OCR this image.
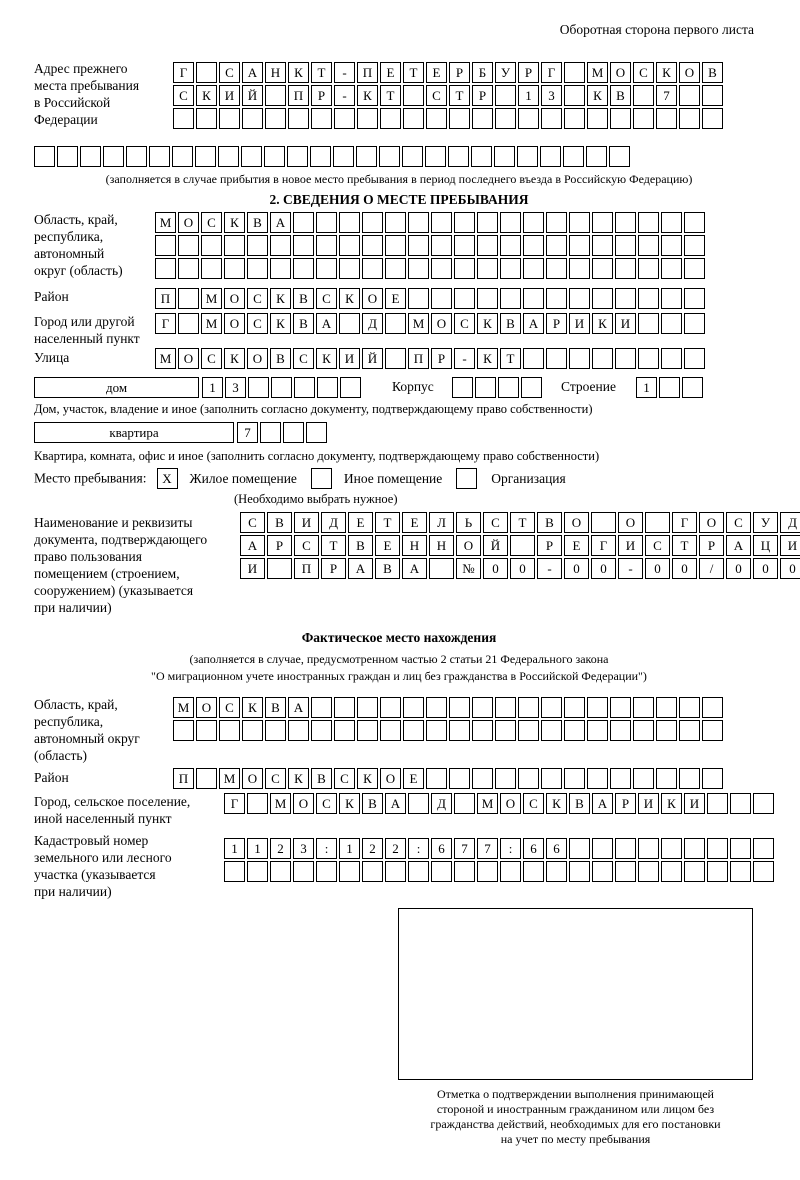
Оборотная сторона первого листа
Адрес прежнего
места пребывания
в Российской
Федерации
Г	С	А	Н	К	Т	-	П	Е	Т	Е	Р	Б	У	Р	Г	М О	С	К	О	В
С	К	И	Й	П	Р	-	К	Т	С	Т	Р	1	3	К	В	7
(заполняется в случае прибытия в новое место пребывания в период последнего въезда в Российскую Федерацию)
2. СВЕДЕНИЯ О МЕСТЕ ПРЕБЫВАНИЯ
Область, край,
республика,
автономный
округ (область)
М О	С	К	В	А
Район	П	М О	С	К	В	С	К	О	Е
Город или другой
населенный пункт
Г	М О	С	К	В	А	Д	М О	С	К	В	А	Р	И	К	И
Улица	М О	С	К	О	В	С	К	И	Й	П	Р	-	К	Т
дом	1	3	Корпус	Строение	1
Дом, участок, владение и иное (заполнить согласно документу, подтверждающему право собственности)
квартира	7
Квартира, комната, офис и иное (заполнить согласно документу, подтверждающему право собственности)
Место пребывания: Х Жилое помещение	Иное помещение	Организация
(Необходимо выбрать нужное)
Наименование и реквизиты
документа, подтверждающего
право пользования
помещением (строением,
сооружением) (указывается
при наличии)
С	В	И	Д	Е	Т	Е	Л	Ь	С	Т	В	О	О	Г	О	С	У	Д
А	Р	С	Т	В	Е	Н	Н	О	Й	Р	Е	Г	И	С	Т	Р	А	Ц	И
И	П	Р	А	В	А	№	0	0	-	0	0	-	0	0	/	0	0	0
Фактическое место нахождения
(заполняется в случае, предусмотренном частью 2 статьи 21 Федерального закона
"О миграционном учете иностранных граждан и лиц без гражданства в Российской Федерации")
Область, край,
республика,
автономный округ
(область)
М О	С	К	В	А
Район	П	М О	С	К	В	С	К	О	Е
Город, сельское поселение,
иной населенный пункт
Г	М О	С	К	В	А	Д	М О	С	К	В	А	Р	И	К	И
Кадастровый номер
земельного или лесного
участка (указывается
при наличии)
1	1	2	3	:	1	2	2	:	6	7	7	:	6	6
Отметка о подтверждении выполнения принимающей
стороной и иностранным гражданином или лицом без
гражданства действий, необходимых для его постановки
на учет по месту пребывания
